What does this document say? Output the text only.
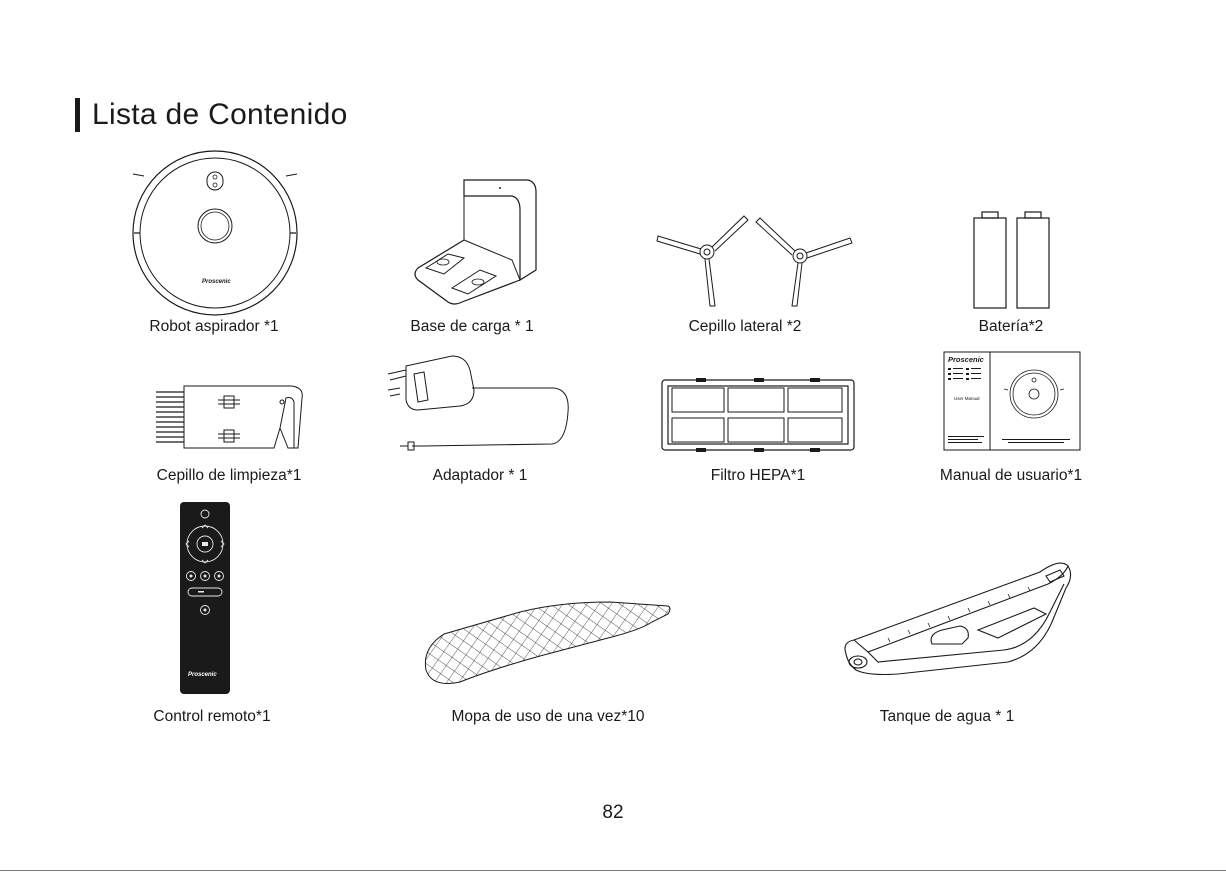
Lista de Contenido
Proscenic
Robot aspirador *1	Base de carga * 1	Cepillo lateral *2	Batería*2
Cepillo de limpieza*1	Adaptador * 1	Filtro HEPA*1
Proscenic
User Manual
Manual de usuario*1
Proscenic
Control remoto*1	Mopa de uso de una vez*10	Tanque de agua * 1
82
